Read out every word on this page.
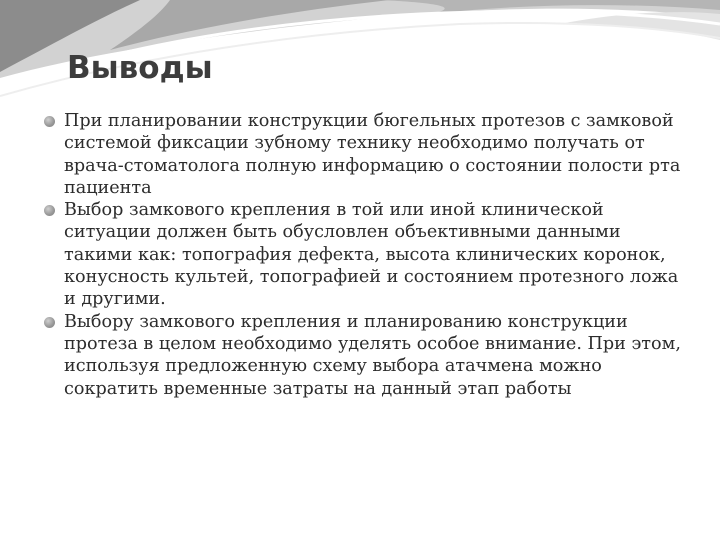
Выводы
При планировании конструкции бюгельных протезов с замковой системой фиксации зубному технику необходимо получать от врача-стоматолога полную информацию о состоянии полости рта пациента
Выбор замкового крепления в той или иной клинической ситуации должен быть обусловлен объективными данными такими как: топография дефекта, высота клинических коронок, конусность культей, топографией и состоянием протезного ложа и другими.
Выбору замкового крепления и планированию конструкции протеза в целом необходимо уделять особое внимание. При этом, используя предложенную схему выбора атачмена можно сократить временные затраты на данный этап работы
